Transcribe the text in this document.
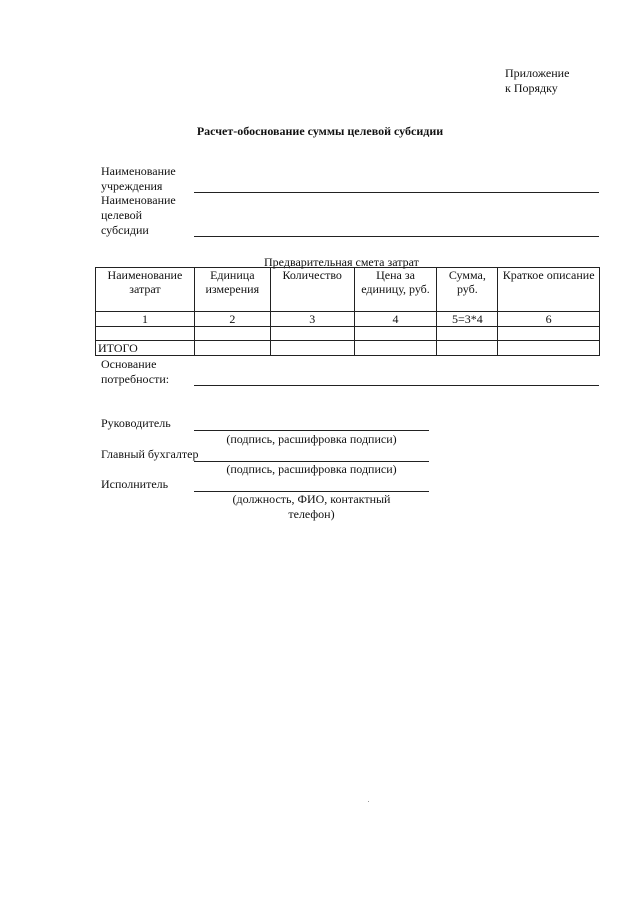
Приложение
к Порядку
Расчет-обоснование суммы целевой субсидии
Наименование
учреждения
Наименование
целевой
субсидии
Предварительная смета затрат
Наименование затрат	Единица измерения	Количество	Цена за единицу, руб.	Сумма, руб.	Краткое описание
1	2	3	4	5=3*4	6

ИТОГО					
Основание
потребности:
Руководитель
(подпись, расшифровка подписи)
Главный бухгалтер
(подпись, расшифровка подписи)
Исполнитель
(должность, ФИО, контактный телефон)
